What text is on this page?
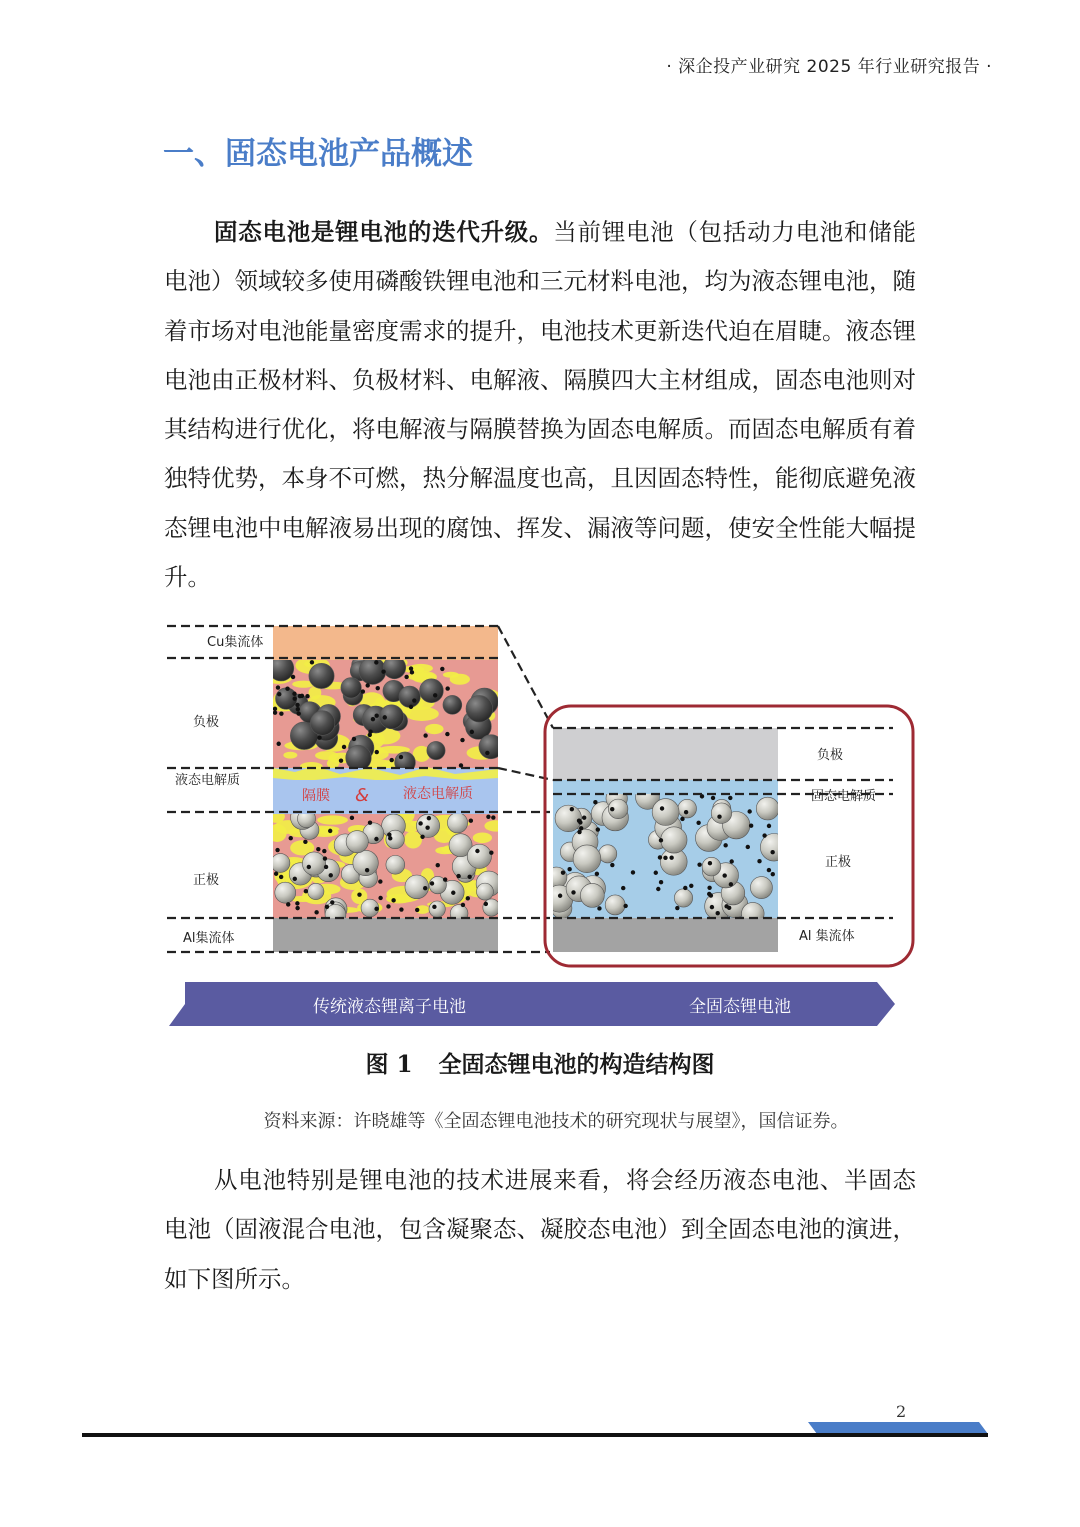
· 深企投产业研究 2025 年行业研究报告 ·
一、固态电池产品概述

固态电池是锂电池的迭代升级。当前锂电池（包括动力电池和储能电池）领域较多使用磷酸铁锂电池和三元材料电池，均为液态锂电池，随着市场对电池能量密度需求的提升，电池技术更新迭代迫在眉睫。液态锂电池由正极材料、负极材料、电解液、隔膜四大主材组成，固态电池则对其结构进行优化，将电解液与隔膜替换为固态电解质。而固态电解质有着独特优势，本身不可燃，热分解温度也高，且因固态特性，能彻底避免液态锂电池中电解液易出现的腐蚀、挥发、漏液等问题，使安全性能大幅提升。

Cu集流体
负极
液态电解质
正极
Al集流体
隔膜 & 液态电解质
负极
固态电解质
正极
Al 集流体
传统液态锂离子电池	全固态锂电池
图 1 全固态锂电池的构造结构图
资料来源：许晓雄等《全固态锂电池技术的研究现状与展望》，国信证券。

从电池特别是锂电池的技术进展来看，将会经历液态电池、半固态电池（固液混合电池，包含凝聚态、凝胶态电池）到全固态电池的演进，如下图所示。

2
